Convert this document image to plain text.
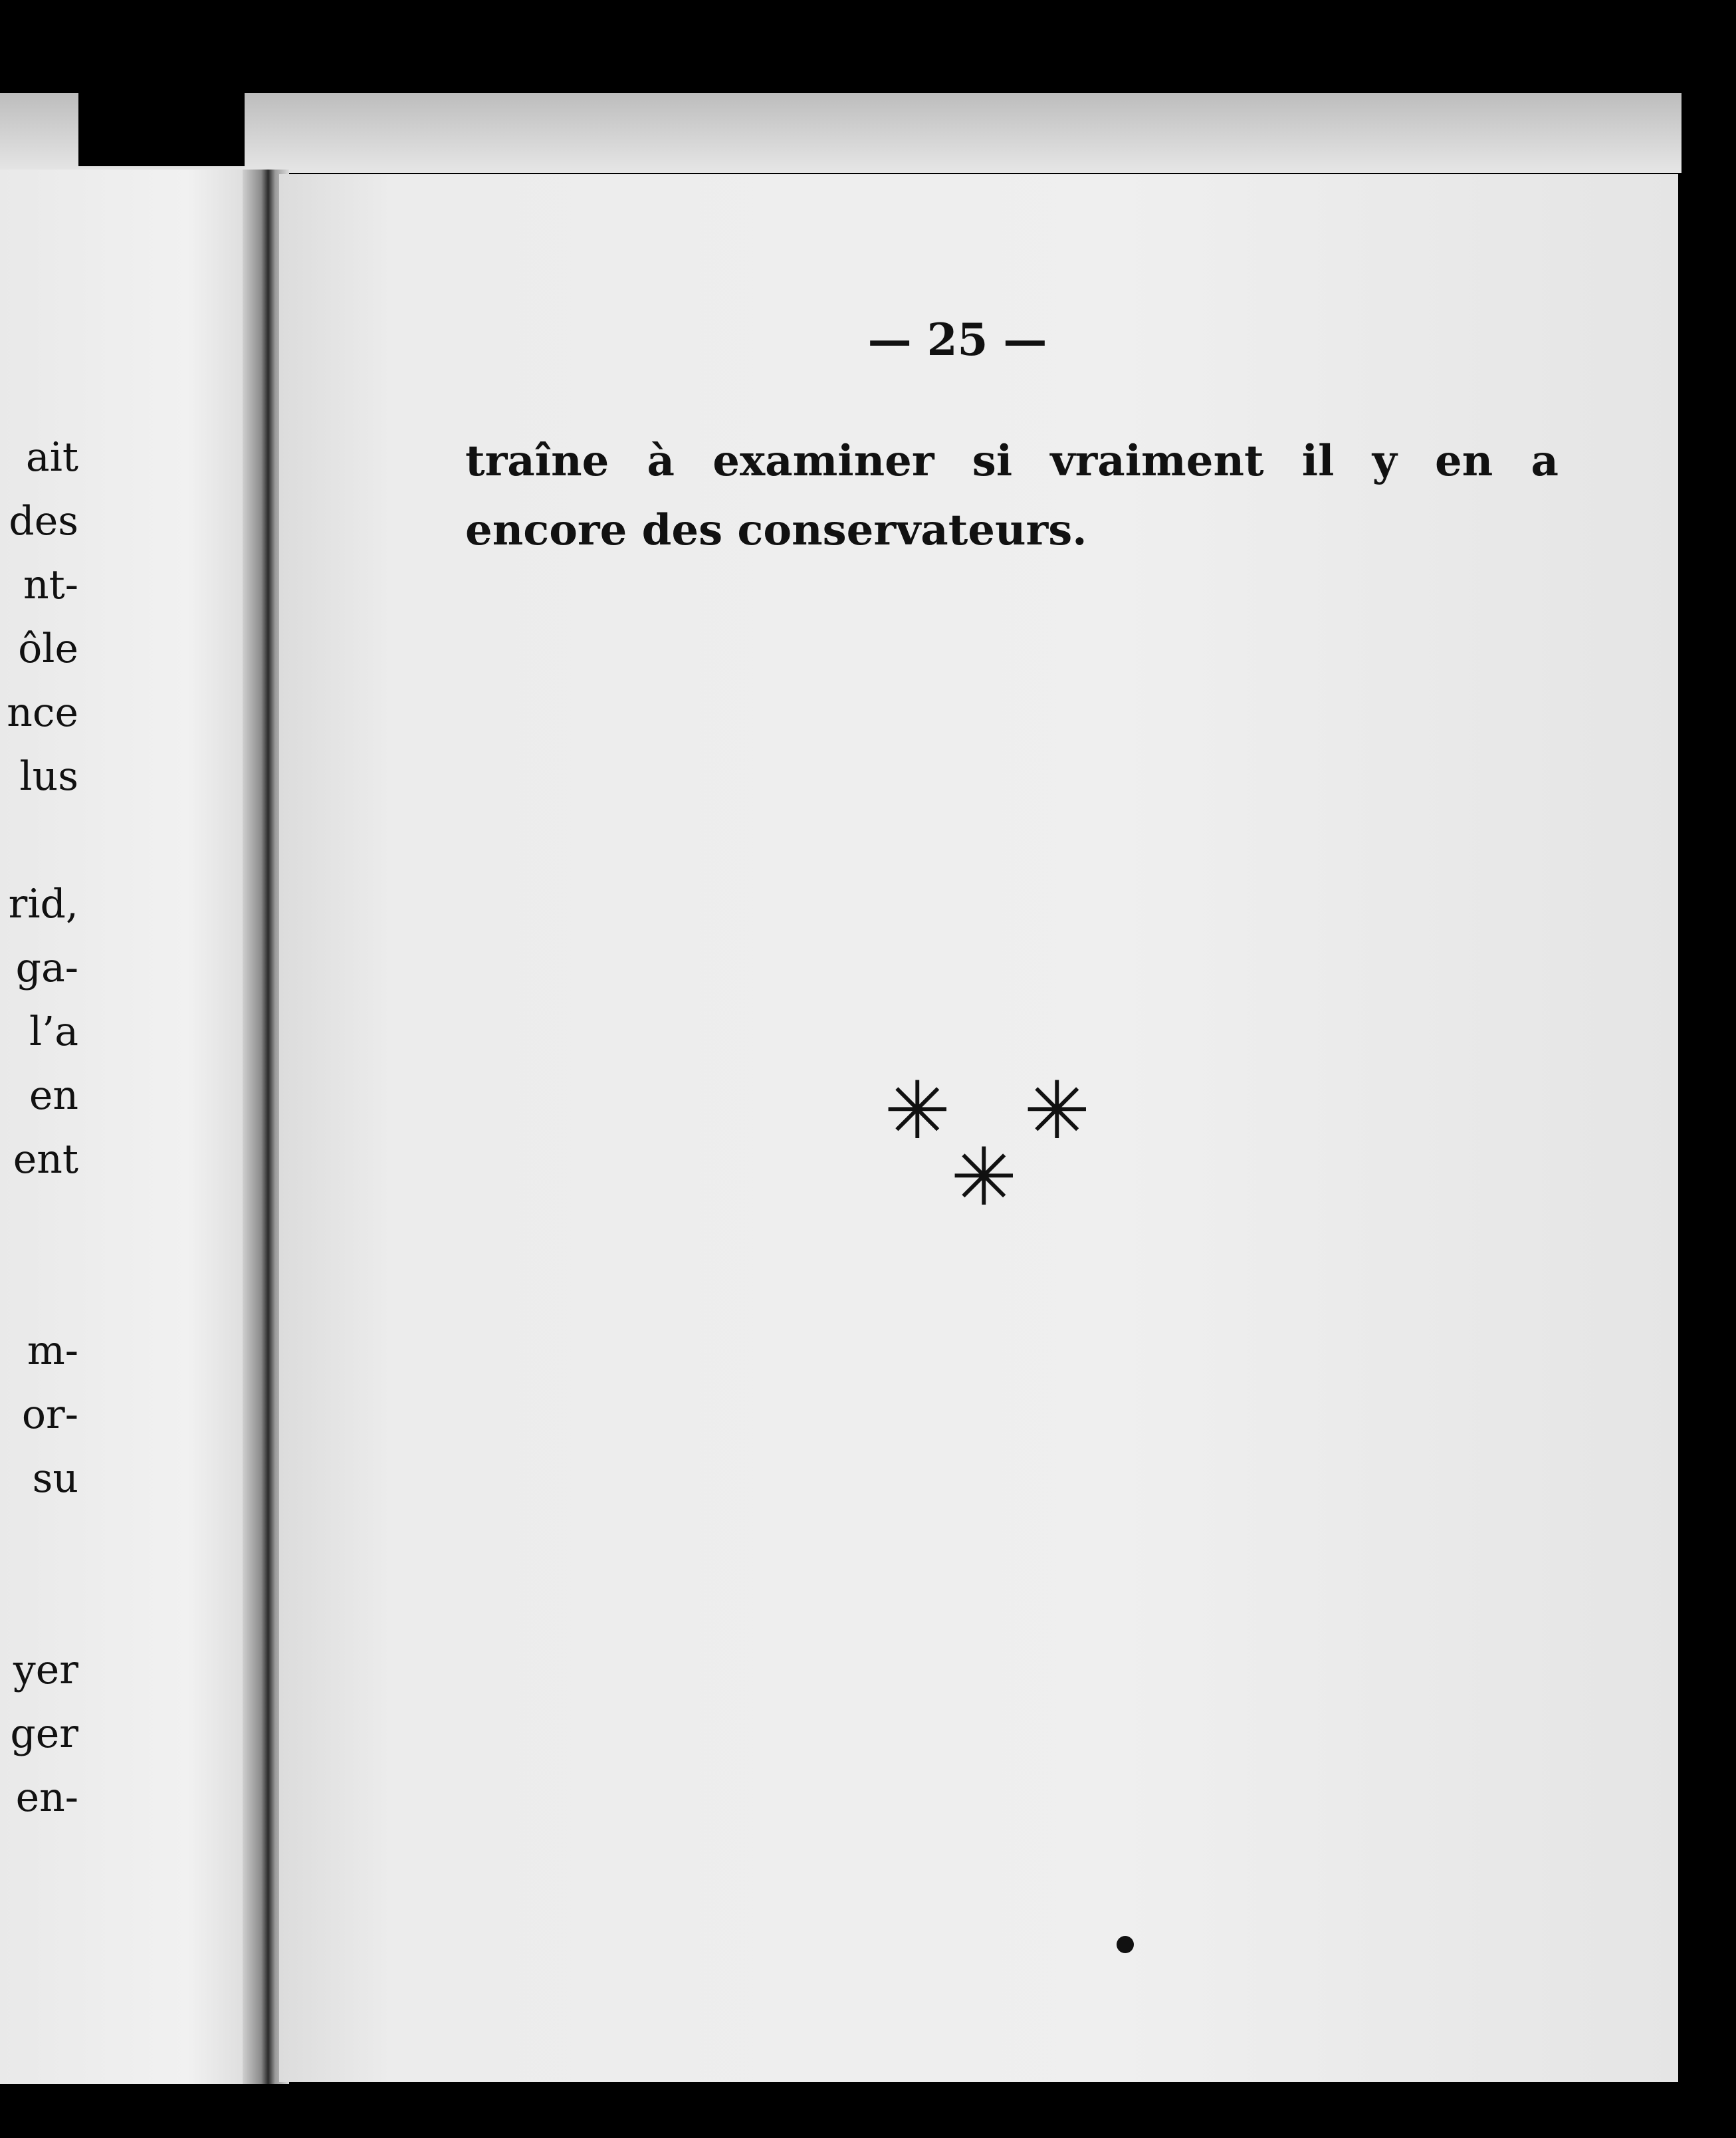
ait
des
nt-
ôle
nce
lus
rid,
ga-
l’a
en
ent
m-
or-
su
yer
ger
en-
— 25 —
traîne à examiner si vraiment il y en a
encore des conservateurs.
✳ ✳
✳
